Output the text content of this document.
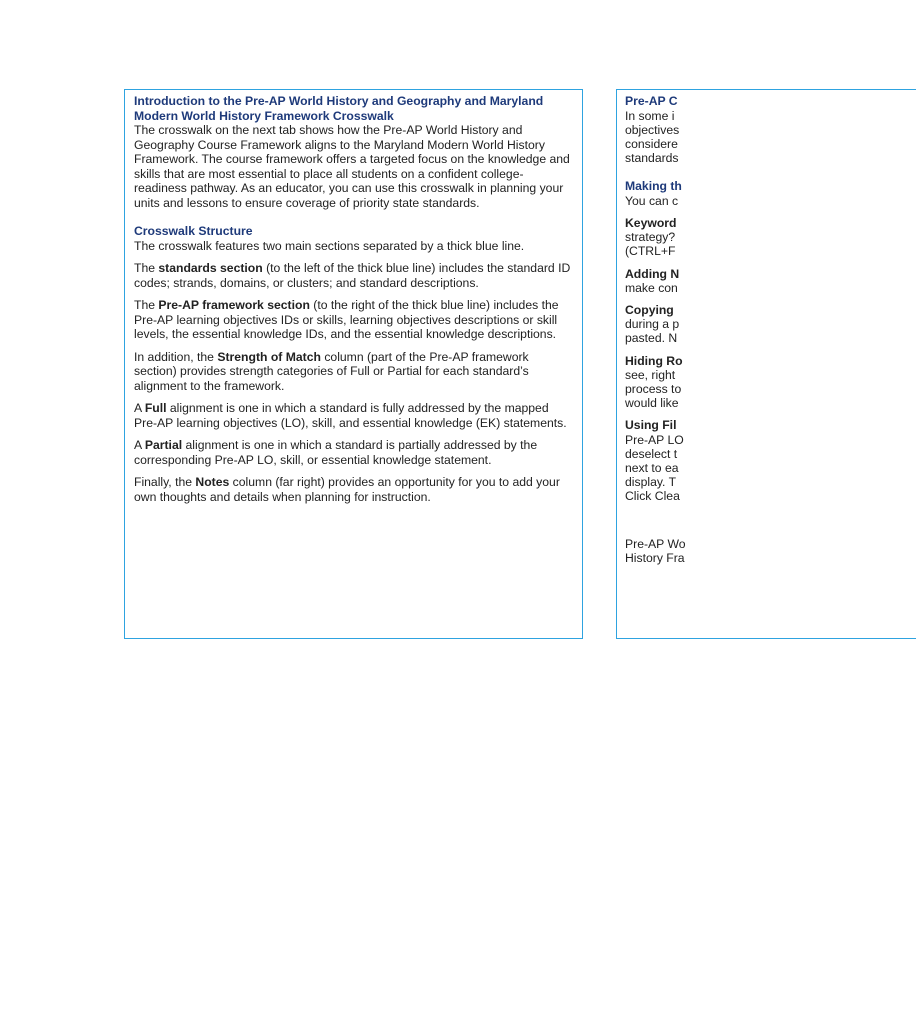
Introduction to the Pre-AP World History and Geography and Maryland Modern World History Framework Crosswalk

The crosswalk on the next tab shows how the Pre-AP World History and Geography Course Framework aligns to the Maryland Modern World History Framework. The course framework offers a targeted focus on the knowledge and skills that are most essential to place all students on a confident college-readiness pathway. As an educator, you can use this crosswalk in planning your units and lessons to ensure coverage of priority state standards.

Crosswalk Structure

The crosswalk features two main sections separated by a thick blue line.

The standards section (to the left of the thick blue line) includes the standard ID codes; strands, domains, or clusters; and standard descriptions.

The Pre-AP framework section (to the right of the thick blue line) includes the Pre-AP learning objectives IDs or skills, learning objectives descriptions or skill levels, the essential knowledge IDs, and the essential knowledge descriptions.

In addition, the Strength of Match column (part of the Pre-AP framework section) provides strength categories of Full or Partial for each standard’s alignment to the framework.

A Full alignment is one in which a standard is fully addressed by the mapped Pre-AP learning objectives (LO), skill, and essential knowledge (EK) statements.

A Partial alignment is one in which a standard is partially addressed by the corresponding Pre-AP LO, skill, or essential knowledge statement.

Finally, the Notes column (far right) provides an opportunity for you to add your own thoughts and details when planning for instruction.

Pre-AP C
In some i
objectives
considere
standards
Making th
You can c
Keyword
strategy?
(CTRL+F
Adding N
make con
Copying
during a p
pasted. N
Hiding Ro
see, right
process to
would like
Using Fil
Pre-AP LO
deselect t
next to ea
display. T
Click Clea
Pre-AP Wo
History Fra
